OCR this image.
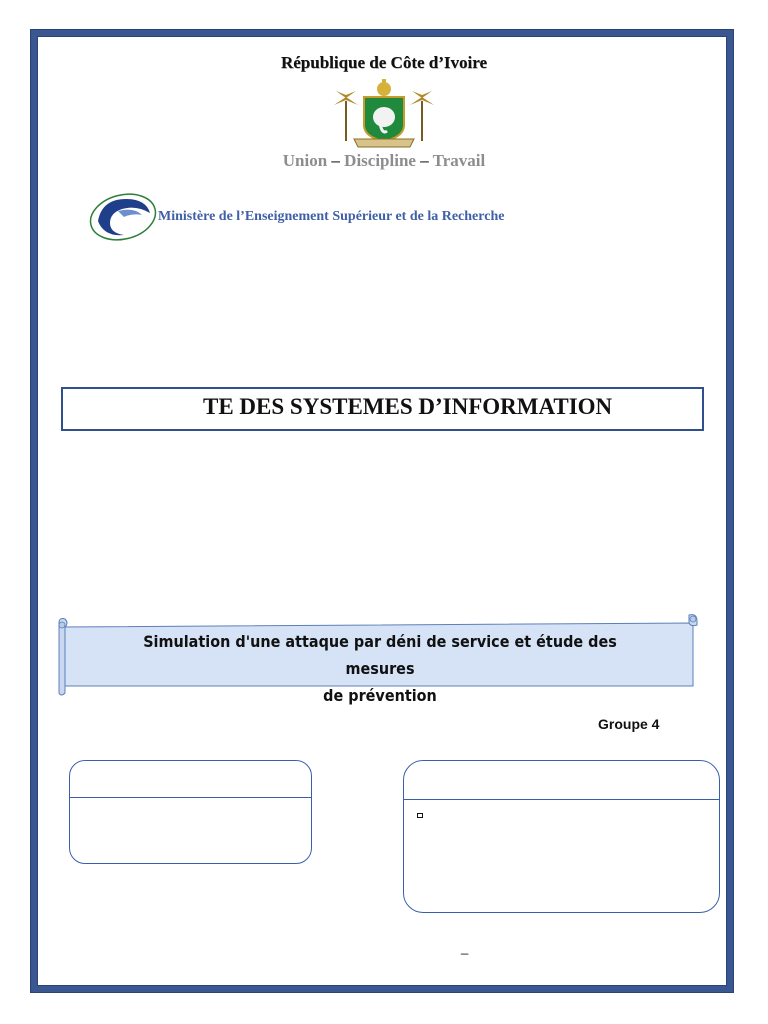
République de Côte d’Ivoire
Union – Discipline – Travail
Ministère de l’Enseignement Supérieur et de la Recherche
TE DES SYSTEMES D’INFORMATION
Simulation d'une attaque par déni de service et étude des mesures
de prévention
Groupe 4
_
